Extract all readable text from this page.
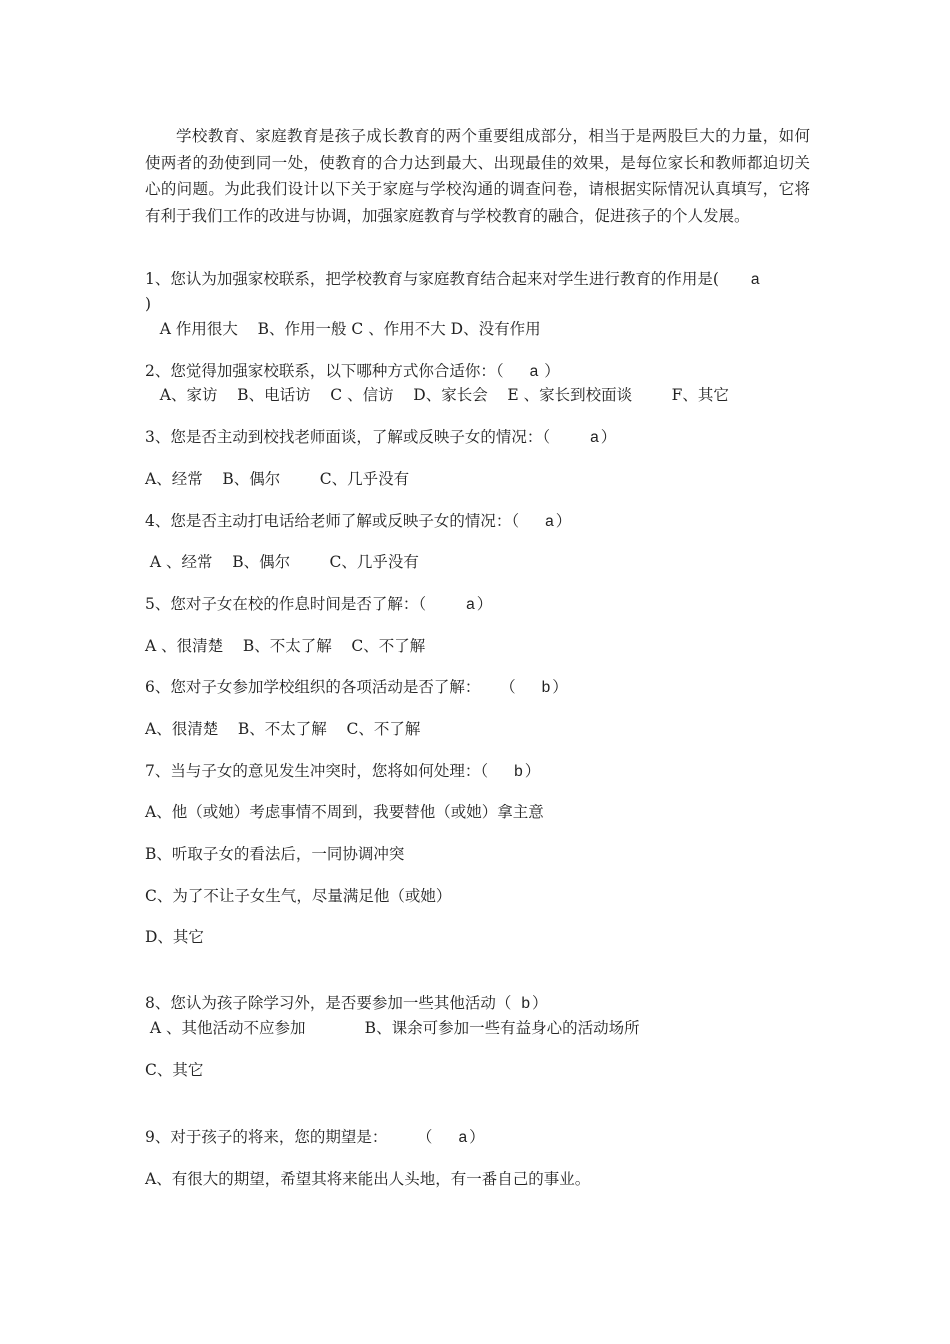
学校教育、家庭教育是孩子成长教育的两个重要组成部分，相当于是两股巨大的力量，如何使两者的劲使到同一处，使教育的合力达到最大、出现最佳的效果，是每位家长和教师都迫切关心的问题。为此我们设计以下关于家庭与学校沟通的调查问卷，请根据实际情况认真填写，它将有利于我们工作的改进与协调，加强家庭教育与学校教育的融合，促进孩子的个人发展。

1、您认为加强家校联系，把学校教育与家庭教育结合起来对学生进行教育的作用是( a
)
A 作用很大    B、作用一般 C 、作用不大 D、没有作用
2、您觉得加强家校联系，以下哪种方式你合适你：（ a ）
A、家访    B、电话访    C 、信访    D、家长会    E 、家长到校面谈        F、其它
3、您是否主动到校找老师面谈，了解或反映子女的情况：（	a ）
A、经常    B、偶尔        C、几乎没有
4、您是否主动打电话给老师了解或反映子女的情况：（ a ）
A 、经常    B、偶尔        C、几乎没有
5、您对子女在校的作息时间是否了解：（	a ）
A 、很清楚    B、不太了解    C、不了解
6、您对子女参加学校组织的各项活动是否了解：    （ b ）
A、很清楚    B、不太了解    C、不了解
7、当与子女的意见发生冲突时，您将如何处理：（ b ）
A、他（或她）考虑事情不周到，我要替他（或她）拿主意
B、听取子女的看法后，一同协调冲突
C、为了不让子女生气，尽量满足他（或她）
D、其它
8、您认为孩子除学习外，是否要参加一些其他活动（ b ）
A 、其他活动不应参加            B、课余可参加一些有益身心的活动场所
C、其它
9、对于孩子的将来，您的期望是：      （ a ）
A、有很大的期望，希望其将来能出人头地，有一番自己的事业。
